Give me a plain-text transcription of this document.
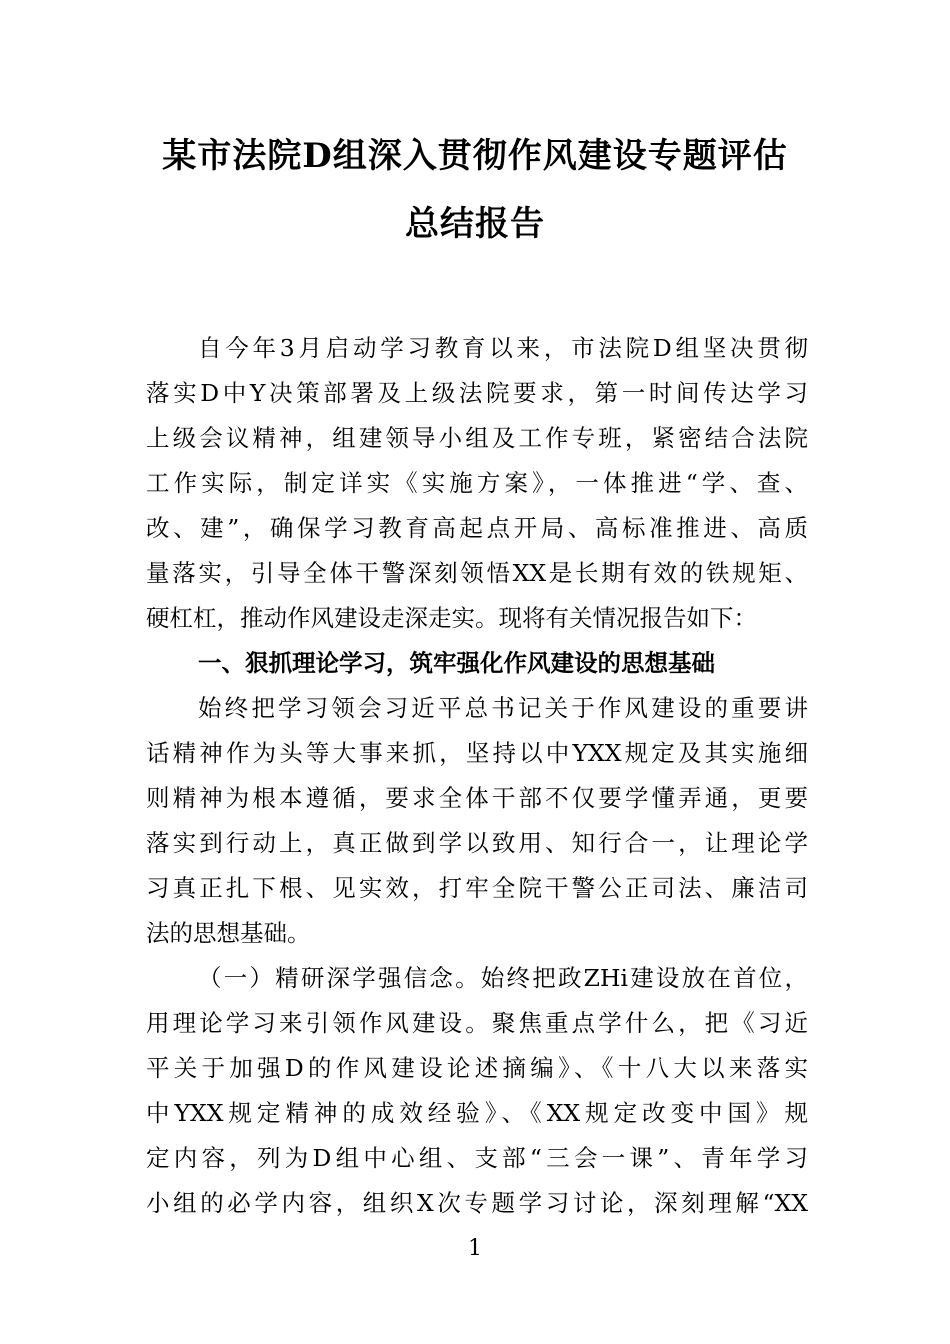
某市法院D组深入贯彻作风建设专题评估
总结报告
自今年3月启动学习教育以来，市法院D组坚决贯彻
落实D中Y决策部署及上级法院要求，第一时间传达学习
上级会议精神，组建领导小组及工作专班，紧密结合法院
工作实际，制定详实《实施方案》，一体推进“学、查、
改、建”，确保学习教育高起点开局、高标准推进、高质
量落实，引导全体干警深刻领悟XX是长期有效的铁规矩、
硬杠杠，推动作风建设走深走实。现将有关情况报告如下：
一、狠抓理论学习，筑牢强化作风建设的思想基础
始终把学习领会习近平总书记关于作风建设的重要讲
话精神作为头等大事来抓，坚持以中YXX规定及其实施细
则精神为根本遵循，要求全体干部不仅要学懂弄通，更要
落实到行动上，真正做到学以致用、知行合一，让理论学
习真正扎下根、见实效，打牢全院干警公正司法、廉洁司
法的思想基础。
（一）精研深学强信念。始终把政ZHi建设放在首位，
用理论学习来引领作风建设。聚焦重点学什么，把《习近
平关于加强D的作风建设论述摘编》、《十八大以来落实
中YXX规定精神的成效经验》、《XX规定改变中国》规
定内容，列为D组中心组、支部“三会一课”、青年学习
小组的必学内容，组织X次专题学习讨论，深刻理解“XX
1
